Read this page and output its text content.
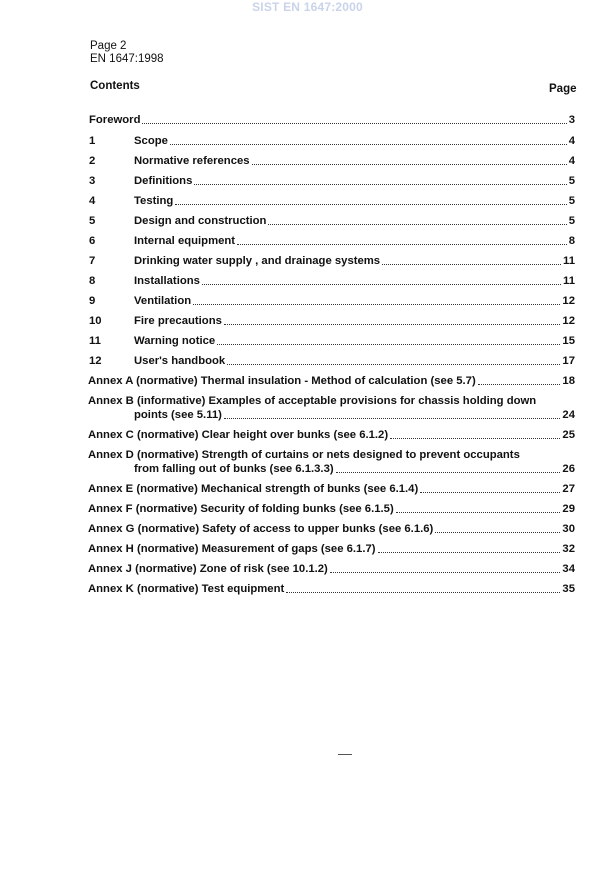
SIST EN 1647:2000
Page 2
EN 1647:1998
Contents	Page
Foreword	3
1	Scope	4
2	Normative references	4
3	Definitions	5
4	Testing	5
5	Design and construction	5
6	Internal equipment	8
7	Drinking water supply , and drainage systems	11
8	Installations	11
9	Ventilation	12
10	Fire precautions	12
11	Warning notice	15
12	User's handbook	17
Annex A (normative) Thermal insulation - Method of calculation (see 5.7)	18
Annex B (informative) Examples of acceptable provisions for chassis holding down
points (see 5.11)	24
Annex C (normative) Clear height over bunks (see 6.1.2)	25
Annex D (normative) Strength of curtains or nets designed to prevent occupants
from falling out of bunks (see 6.1.3.3)	26
Annex E (normative) Mechanical strength of bunks (see 6.1.4)	27
Annex F (normative) Security of folding bunks (see 6.1.5)	29
Annex G (normative) Safety of access to upper bunks (see 6.1.6)	30
Annex H (normative) Measurement of gaps (see 6.1.7)	32
Annex J (normative) Zone of risk (see 10.1.2)	34
Annex K (normative) Test equipment	35
